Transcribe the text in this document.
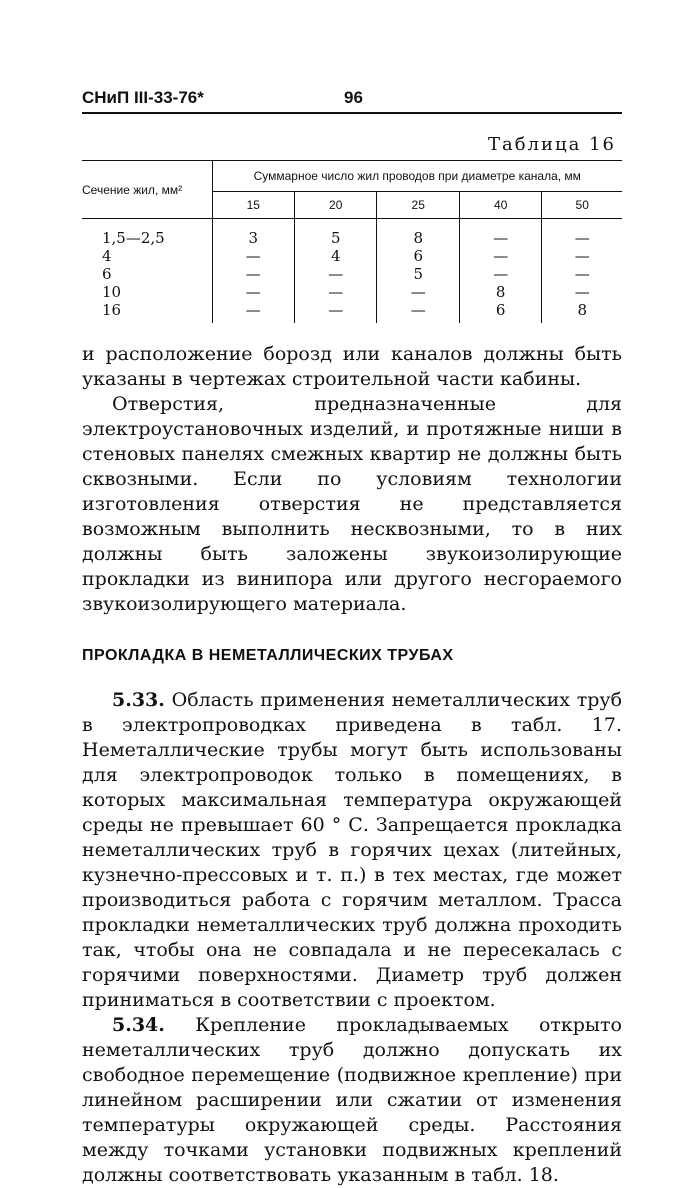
СНиП III-33-76*	96
Таблица 16
Сечение жил, мм²	Суммарное число жил проводов при диаметре канала, мм				
	15	20	25	40	50
1,5—2,5	3	5	8	—	—
4	—	4	6	—	—
6	—	—	5	—	—
10	—	—	—	8	—
16	—	—	—	6	8

и расположение борозд или каналов должны быть указаны в чертежах строительной части кабины.

Отверстия, предназначенные для электроустановочных изделий, и протяжные ниши в стеновых панелях смежных квартир не должны быть сквозными. Если по условиям технологии изготовления отверстия не представляется возможным выполнить несквозными, то в них должны быть заложены звукоизолирующие прокладки из винипора или другого несгораемого звукоизолирующего материала.

ПРОКЛАДКА В НЕМЕТАЛЛИЧЕСКИХ ТРУБАХ

5.33. Область применения неметаллических труб в электропроводках приведена в табл. 17. Неметаллические трубы могут быть использованы для электропроводок только в помещениях, в которых максимальная температура окружающей среды не превышает 60 ° С. Запрещается прокладка неметаллических труб в горячих цехах (литейных, кузнечно-прессовых и т. п.) в тех местах, где может производиться работа с горячим металлом. Трасса прокладки неметаллических труб должна проходить так, чтобы она не совпадала и не пересекалась с горячими поверхностями. Диаметр труб должен приниматься в соответствии с проектом.

5.34. Крепление прокладываемых открыто неметаллических труб должно допускать их свободное перемещение (подвижное крепление) при линейном расширении или сжатии от изменения температуры окружающей среды. Расстояния между точками установки подвижных креплений должны соответствовать указанным в табл. 18.
